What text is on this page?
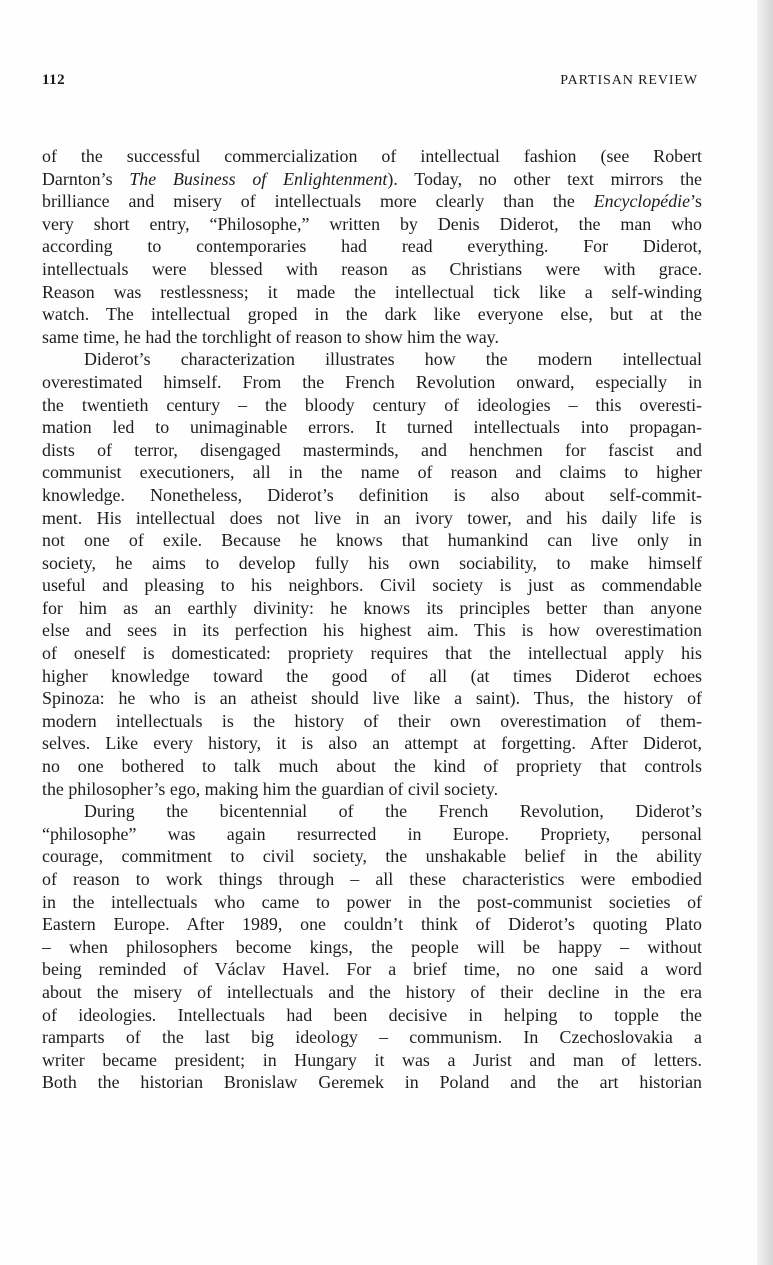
112	PARTISAN REVIEW

of the successful commercialization of intellectual fashion (see Robert
Darnton’s The Business of Enlightenment). Today, no other text mirrors the
brilliance and misery of intellectuals more clearly than the Encyclopédie’s
very short entry, “Philosophe,” written by Denis Diderot, the man who
according to contemporaries had read everything. For Diderot,
intellectuals were blessed with reason as Christians were with grace.
Reason was restlessness; it made the intellectual tick like a self-winding
watch. The intellectual groped in the dark like everyone else, but at the
same time, he had the torchlight of reason to show him the way.

Diderot’s characterization illustrates how the modern intellectual
overestimated himself. From the French Revolution onward, especially in
the twentieth century – the bloody century of ideologies – this overesti-
mation led to unimaginable errors. It turned intellectuals into propagan-
dists of terror, disengaged masterminds, and henchmen for fascist and
communist executioners, all in the name of reason and claims to higher
knowledge. Nonetheless, Diderot’s definition is also about self-commit-
ment. His intellectual does not live in an ivory tower, and his daily life is
not one of exile. Because he knows that humankind can live only in
society, he aims to develop fully his own sociability, to make himself
useful and pleasing to his neighbors. Civil society is just as commendable
for him as an earthly divinity: he knows its principles better than anyone
else and sees in its perfection his highest aim. This is how overestimation
of oneself is domesticated: propriety requires that the intellectual apply his
higher knowledge toward the good of all (at times Diderot echoes
Spinoza: he who is an atheist should live like a saint). Thus, the history of
modern intellectuals is the history of their own overestimation of them-
selves. Like every history, it is also an attempt at forgetting. After Diderot,
no one bothered to talk much about the kind of propriety that controls
the philosopher’s ego, making him the guardian of civil society.

During the bicentennial of the French Revolution, Diderot’s
“philosophe” was again resurrected in Europe. Propriety, personal
courage, commitment to civil society, the unshakable belief in the ability
of reason to work things through – all these characteristics were embodied
in the intellectuals who came to power in the post-communist societies of
Eastern Europe. After 1989, one couldn’t think of Diderot’s quoting Plato
– when philosophers become kings, the people will be happy – without
being reminded of Václav Havel. For a brief time, no one said a word
about the misery of intellectuals and the history of their decline in the era
of ideologies. Intellectuals had been decisive in helping to topple the
ramparts of the last big ideology – communism. In Czechoslovakia a
writer became president; in Hungary it was a Jurist and man of letters.
Both the historian Bronislaw Geremek in Poland and the art historian
